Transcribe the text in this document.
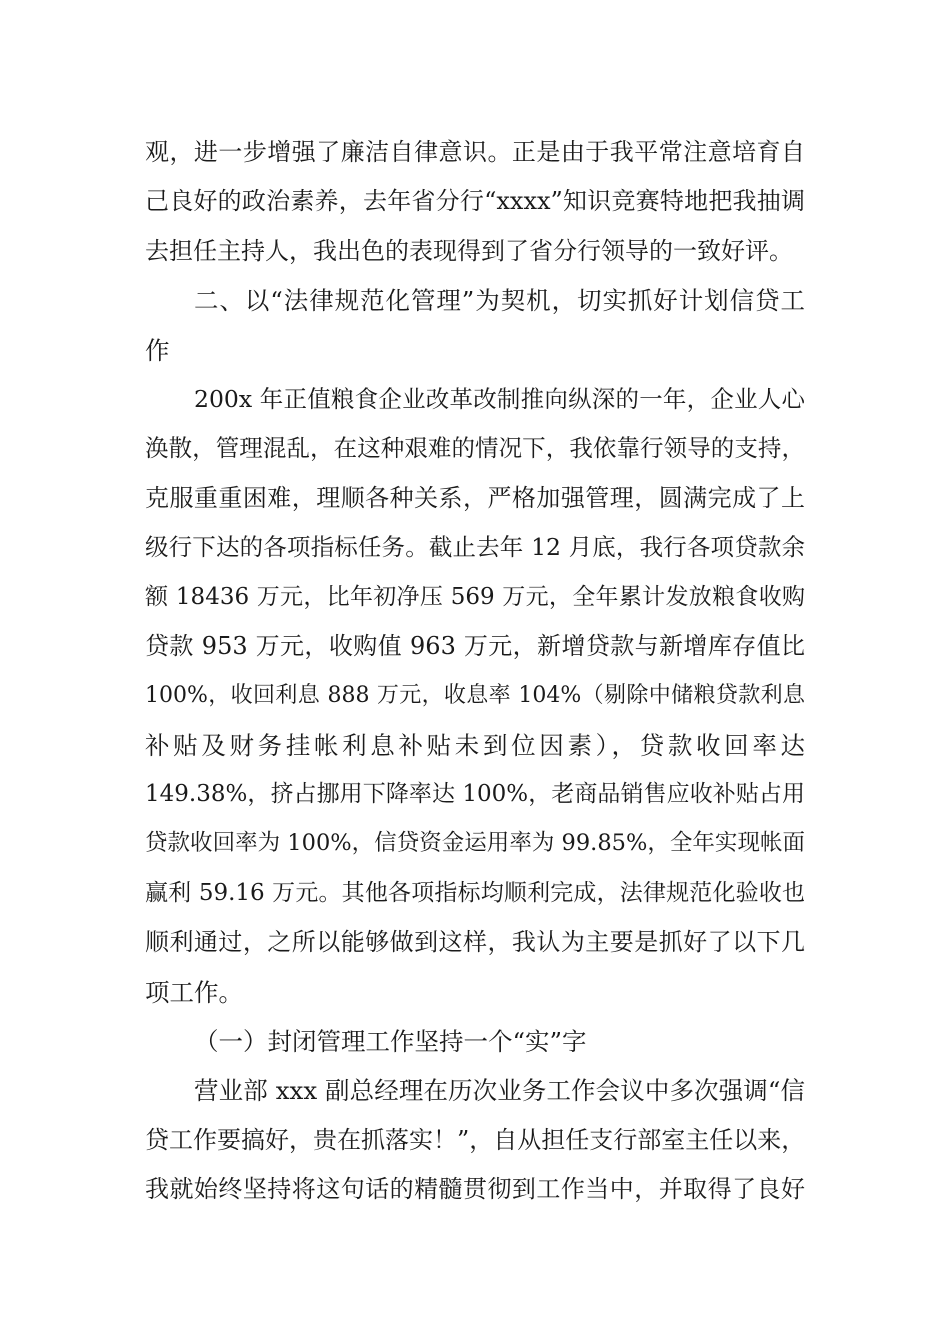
观，进一步增强了廉洁自律意识。正是由于我平常注意培育自
己良好的政治素养，去年省分行“xxxx”知识竞赛特地把我抽调
去担任主持人，我出色的表现得到了省分行领导的一致好评。
二、以“法律规范化管理”为契机，切实抓好计划信贷工
作
200x 年正值粮食企业改革改制推向纵深的一年，企业人心
涣散，管理混乱，在这种艰难的情况下，我依靠行领导的支持，
克服重重困难，理顺各种关系，严格加强管理，圆满完成了上
级行下达的各项指标任务。截止去年 12 月底，我行各项贷款余
额 18436 万元，比年初净压 569 万元，全年累计发放粮食收购
贷款 953 万元，收购值 963 万元，新增贷款与新增库存值比
100%，收回利息 888 万元，收息率 104%（剔除中储粮贷款利息
补贴及财务挂帐利息补贴未到位因素），贷款收回率达
149.38%，挤占挪用下降率达 100%，老商品销售应收补贴占用
贷款收回率为 100%，信贷资金运用率为 99.85%，全年实现帐面
赢利 59.16 万元。其他各项指标均顺利完成，法律规范化验收也
顺利通过，之所以能够做到这样，我认为主要是抓好了以下几
项工作。
（一）封闭管理工作坚持一个“实”字
营业部 xxx 副总经理在历次业务工作会议中多次强调“信
贷工作要搞好，贵在抓落实！”，自从担任支行部室主任以来，
我就始终坚持将这句话的精髓贯彻到工作当中，并取得了良好
